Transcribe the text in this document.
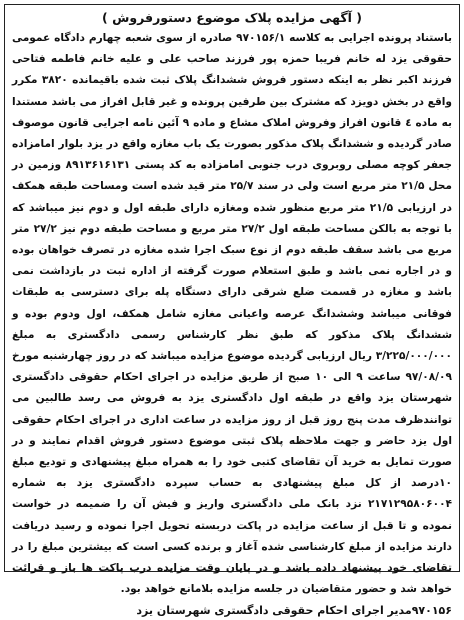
( آگهی مزایده پلاک موضوع دستورفروش )

باستناد پرونده اجرایی به کلاسه ۹۷۰۱۵۶/۱ صادره از سوی شعبه چهارم دادگاه عمومی حقوقی یزد له خانم فریبا حمزه پور فرزند صاحب علی و علیه خانم فاطمه فتاحی فرزند اکبر نظر به اینکه دستور فروش ششدانگ پلاک ثبت شده باقیمانده ۳۸۲۰ مکرر واقع در بخش دویزد که مشترک بین طرفین پرونده و غیر قابل افراز می باشد مستندا به ماده ٤ قانون افراز وفروش املاک مشاع و ماده ۹ آئین نامه اجرایی قانون موصوف صادر گردیده و ششدانگ پلاک مذکور بصورت یک باب مغازه واقع در یزد بلوار امامزاده جعفر کوچه مصلی روبروی درب جنوبی امامزاده به کد پستی ۸۹۱۳۶۱۶۱۳۱ وزمین در محل ۲۱/۵ متر مربع است ولی در سند ۲۵/۷ متر قید شده است ومساحت طبقه همکف در ارزیابی ۲۱/۵ متر مربع منظور شده ومغازه دارای طبقه اول و دوم نیز میباشد که با توجه به بالکن مساحت طبقه اول ۲۷/۲ متر مربع و مساحت طبقه دوم نیز ۲۷/۲ متر مربع می باشد سقف طبقه دوم از نوع سبک اجرا شده مغازه در تصرف خواهان بوده و در اجاره نمی باشد و طبق استعلام صورت گرفته از اداره ثبت در بازداشت نمی باشد و مغازه در قسمت ضلع شرقی دارای دستگاه پله برای دسترسی به طبقات فوقانی میباشد وششدانگ عرصه واعیانی مغازه شامل همکف، اول ودوم بوده و ششدانگ پلاک مذکور که طبق نظر کارشناس رسمی دادگستری به مبلغ ۳/۲۲۵/۰۰۰/۰۰۰ ریال ارزیابی گردیده موضوع مزایده میباشد که در روز چهارشنبه مورخ ۹۷/۰۸/۰۹ ساعت ۹ الی ۱۰ صبح از طریق مزایده در اجرای احکام حقوقی دادگستری شهرستان یزد واقع در طبقه اول دادگستری یزد به فروش می رسد طالبین می توانندظرف مدت پنج روز قبل از روز مزایده در ساعت اداری در اجرای احکام حقوقی اول یزد حاضر و جهت ملاحظه پلاک ثبتی موضوع دستور فروش اقدام نمایند و در صورت تمایل به خرید آن تقاضای کتبی خود را به همراه مبلغ پیشنهادی و تودیع مبلغ ۱۰درصد از کل مبلغ پیشنهادی به حساب سپرده دادگستری یزد به شماره ۲۱۷۱۲۹۵۸۰۶۰۰۴ نزد بانک ملی دادگستری واریز و فیش آن را ضمیمه در خواست نموده و تا قبل از ساعت مزایده در پاکت دربسته تحویل اجرا نموده و رسید دریافت دارند مزایده از مبلغ کارشناسی شده آغاز و برنده کسی است که بیشترین مبلغ را در تقاضای خود پیشنهاد داده باشد و در پایان وقت مزایده درب پاکت ها باز و قرائت خواهد شد و حضور متقاضیان در جلسه مزایده بلامانع خواهد بود.

۹۷۰۱۵۶مدیر اجرای احکام حقوقی دادگستری شهرستان یزد
